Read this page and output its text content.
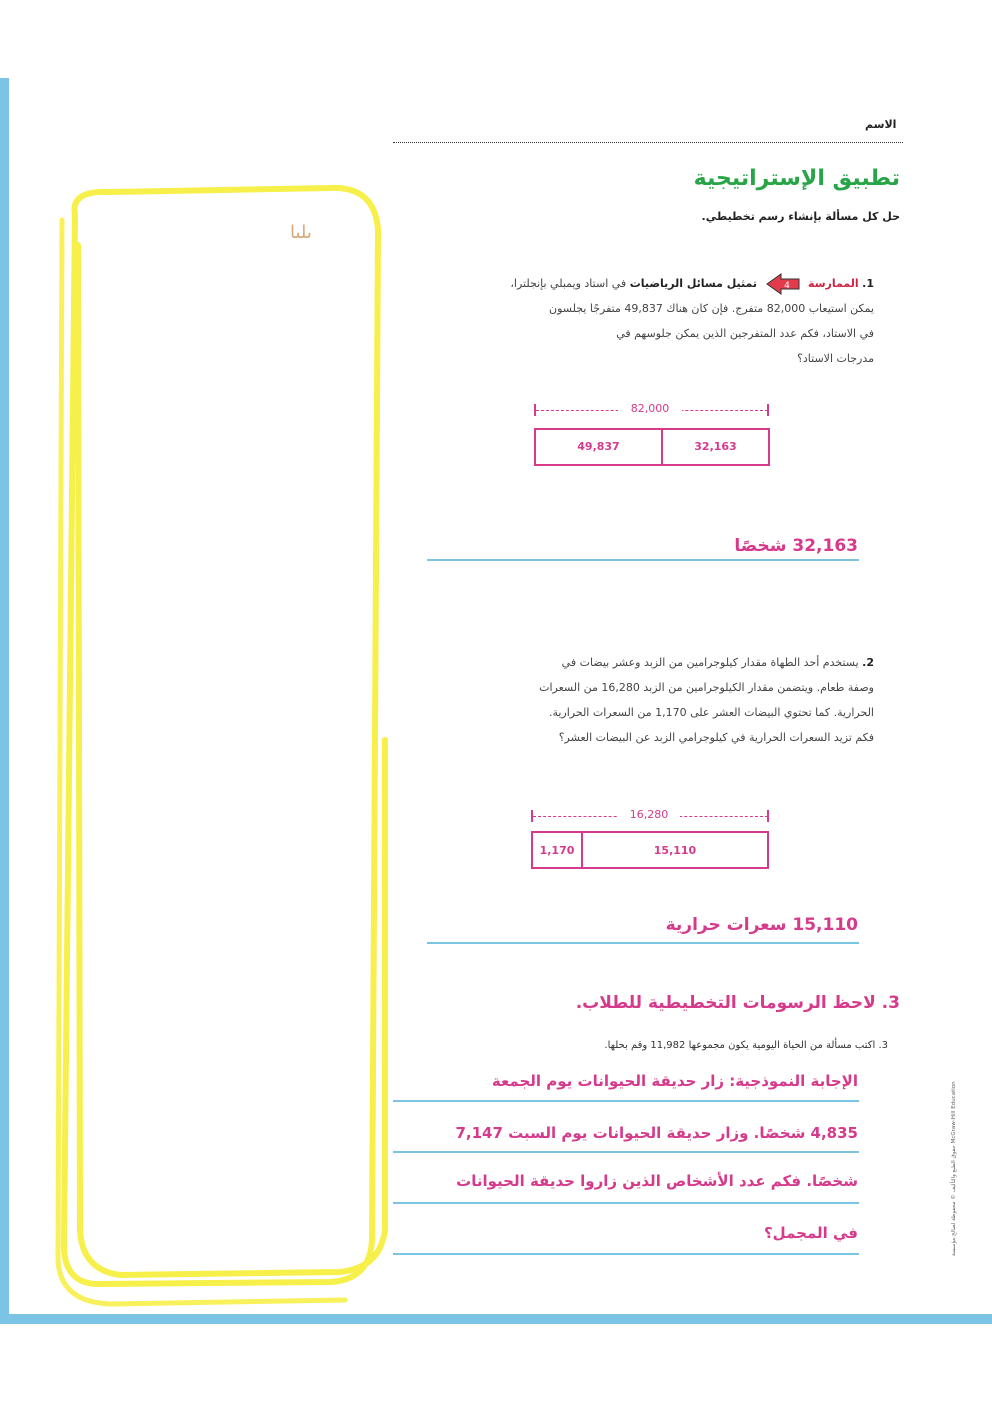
ىلىا
الاسم
تطبيق الإستراتيجية
حل كل مسألة بإنشاء رسم تخطيطي.
1. الممارسة
4
تمثيل مسائل الرياضيات في استاد ويمبلي بإنجلترا،
يمكن استيعاب 82,000 متفرج. فإن كان هناك 49,837 متفرجًا يجلسون
في الاستاد، فكم عدد المتفرجين الذين يمكن جلوسهم في
مدرجات الاستاد؟
82,000
49,837	32,163
32,163 شخصًا
2. يستخدم أحد الطهاة مقدار كيلوجرامين من الزبد وعشر بيضات في
وصفة طعام. ويتضمن مقدار الكيلوجرامين من الزبد 16,280 من السعرات
الحرارية. كما تحتوي البيضات العشر على 1,170 من السعرات الحرارية.
فكم تزيد السعرات الحرارية في كيلوجرامي الزبد عن البيضات العشر؟
16,280
1,170	15,110
15,110 سعرات حرارية
3. لاحظ الرسومات التخطيطية للطلاب.
3. اكتب مسألة من الحياة اليومية يكون مجموعها 11,982 وقم بحلها.
الإجابة النموذجية: زار حديقة الحيوانات يوم الجمعة
4,835 شخصًا. وزار حديقة الحيوانات يوم السبت 7,147
شخصًا. فكم عدد الأشخاص الذين زاروا حديقة الحيوانات
في المجمل؟	حقوق الطبع والتأليف © محفوظة لصالح مؤسسة McGraw-Hill Education
